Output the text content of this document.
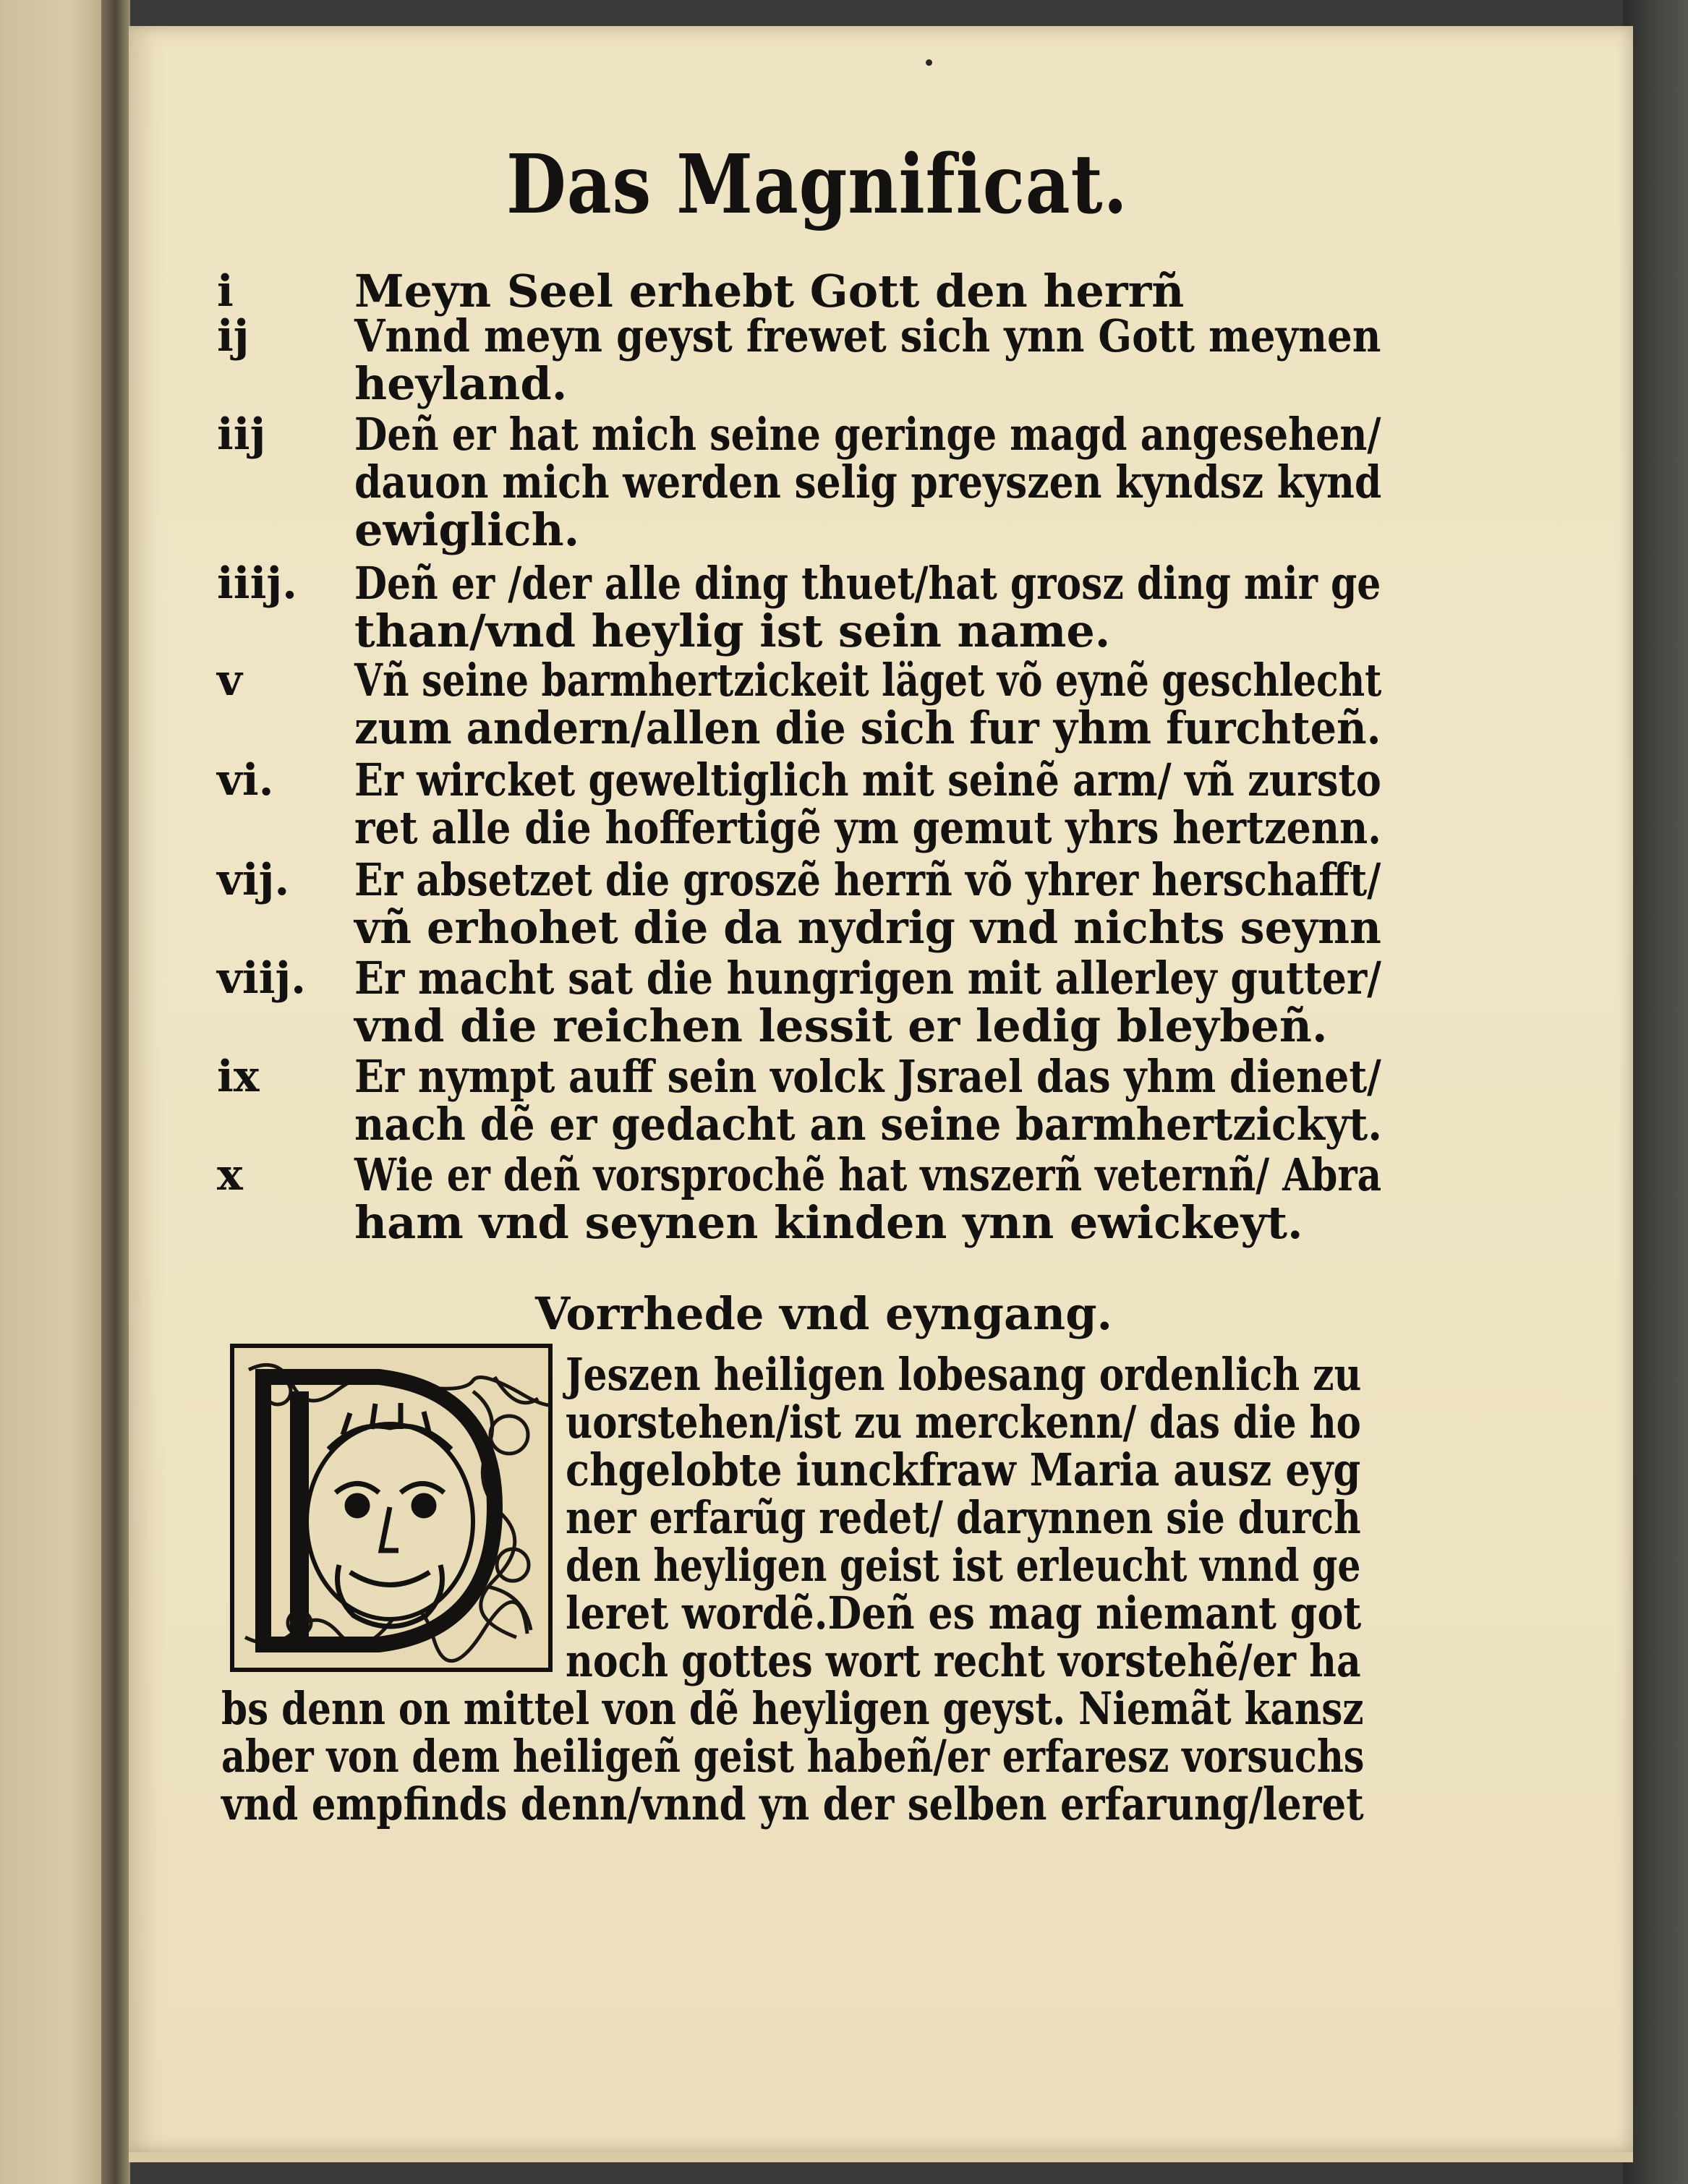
Das Magnificat.
i	Meyn Seel erhebt Gott den herrñ
ij	Vnnd meyn geyst frewet sich ynn Gott meynen
heyland.
iij	Deñ er hat mich seine geringe magd angesehen/
dauon mich werden selig preyszen kyndsz kynd
ewiglich.
iiij.	Deñ er /der alle ding thuet/hat grosz ding mir ge
than/vnd heylig ist sein name.
v	Vñ seine barmhertzickeit läget võ eynẽ geschlecht
zum andern/allen die sich fur yhm furchteñ.
vi.	Er wircket geweltiglich mit seinẽ arm/ vñ zursto
ret alle die hoffertigẽ ym gemut yhrs hertzenn.
vij.	Er absetzet die groszẽ herrñ võ yhrer herschafft/
vñ erhohet die da nydrig vnd nichts seynn
viij.	Er macht sat die hungrigen mit allerley gutter/
vnd die reichen lessit er ledig bleybeñ.
ix	Er nympt auff sein volck Jsrael das yhm dienet/
nach dẽ er gedacht an seine barmhertzickyt.
x	Wie er deñ vorsprochẽ hat vnszerñ veternñ/ Abra
ham vnd seynen kinden ynn ewickeyt.
Vorrhede vnd eyngang.
Jeszen heiligen lobesang ordenlich zu
uorstehen/ist zu merckenn/ das die ho
chgelobte iunckfraw Maria ausz eyg
ner erfarũg redet/ darynnen sie durch
den heyligen geist ist erleucht vnnd ge
leret wordẽ.Deñ es mag niemant got
noch gottes wort recht vorstehẽ/er ha
bs denn on mittel von dẽ heyligen geyst. Niemãt kansz
aber von dem heiligeñ geist habeñ/er erfaresz vorsuchs
vnd empfinds denn/vnnd yn der selben erfarung/leret
